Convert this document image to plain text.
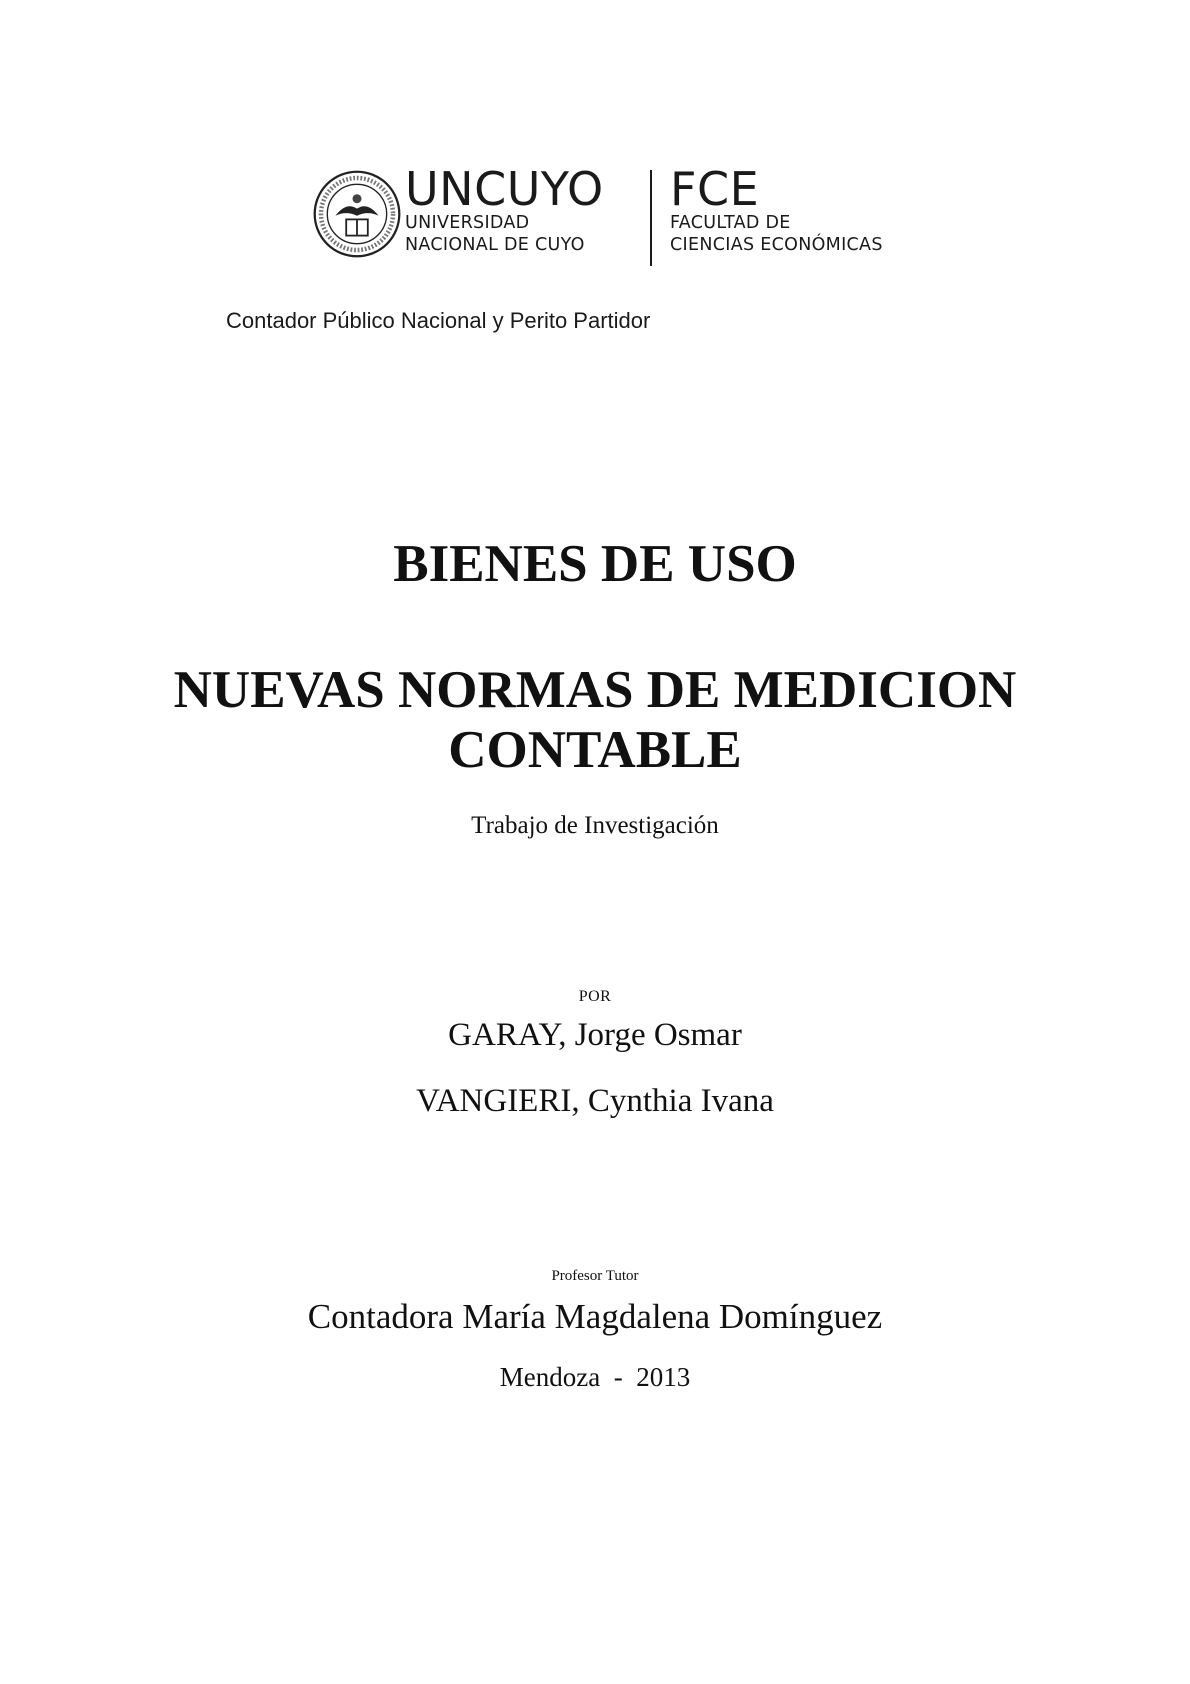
UNCUYO
UNIVERSIDAD
NACIONAL DE CUYO
FCE
FACULTAD DE
CIENCIAS ECONÓMICAS
Contador Público Nacional y Perito Partidor
BIENES DE USO
NUEVAS NORMAS DE MEDICION
CONTABLE
Trabajo de Investigación
POR
GARAY, Jorge Osmar
VANGIERI, Cynthia Ivana
Profesor Tutor
Contadora María Magdalena Domínguez
Mendoza  -  2013
